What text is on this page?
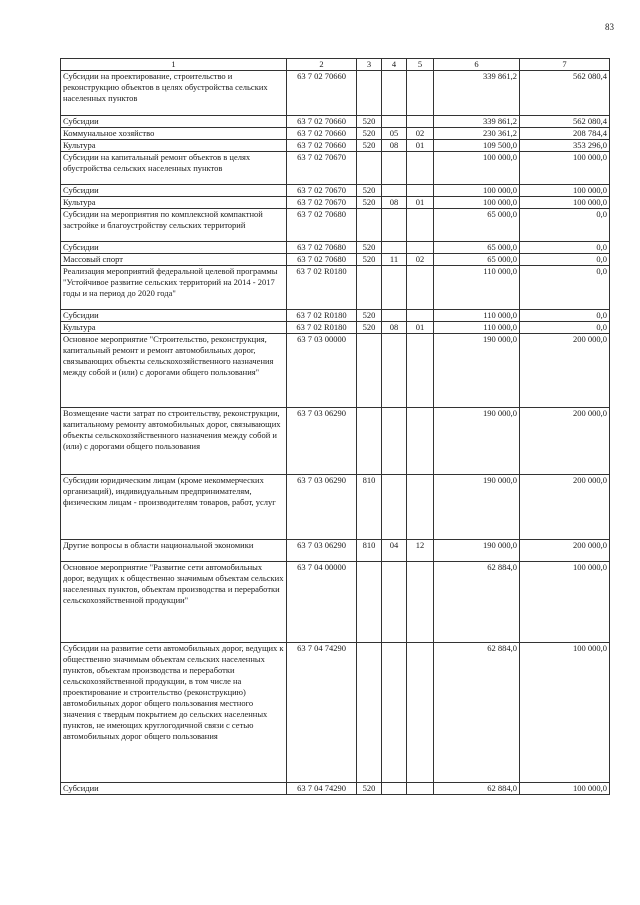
83
1	2	3	4	5	6	7
Субсидии на проектирование, строительство и реконструкцию объектов в целях обустройства сельских населенных пунктов	63 7 02 70660				339 861,2	562 080,4
Субсидии	63 7 02 70660	520			339 861,2	562 080,4
Коммунальное хозяйство	63 7 02 70660	520	05	02	230 361,2	208 784,4
Культура	63 7 02 70660	520	08	01	109 500,0	353 296,0
Субсидии на капитальный ремонт объектов в целях обустройства сельских населенных пунктов	63 7 02 70670				100 000,0	100 000,0
Субсидии	63 7 02 70670	520			100 000,0	100 000,0
Культура	63 7 02 70670	520	08	01	100 000,0	100 000,0
Субсидии на мероприятия по комплексной компактной застройке и благоустройству сельских территорий	63 7 02 70680				65 000,0	0,0
Субсидии	63 7 02 70680	520			65 000,0	0,0
Массовый спорт	63 7 02 70680	520	11	02	65 000,0	0,0
Реализация мероприятий федеральной целевой программы "Устойчивое развитие сельских территорий на 2014 - 2017 годы и на период до 2020 года"	63 7 02 R0180				110 000,0	0,0
Субсидии	63 7 02 R0180	520			110 000,0	0,0
Культура	63 7 02 R0180	520	08	01	110 000,0	0,0
Основное мероприятие "Строительство, реконструкция, капитальный ремонт и ремонт автомобильных дорог, связывающих объекты сельскохозяйственного назначения между собой и (или) с дорогами общего пользования"	63 7 03 00000				190 000,0	200 000,0
Возмещение части затрат по строительству, реконструкции, капитальному ремонту автомобильных дорог, связывающих объекты сельскохозяйственного назначения между собой и (или) с дорогами общего пользования	63 7 03 06290				190 000,0	200 000,0
Субсидии юридическим лицам (кроме некоммерческих организаций), индивидуальным предпринимателям, физическим лицам - производителям товаров, работ, услуг	63 7 03 06290	810			190 000,0	200 000,0
Другие вопросы в области национальной экономики	63 7 03 06290	810	04	12	190 000,0	200 000,0
Основное мероприятие "Развитие сети автомобильных дорог, ведущих к общественно значимым объектам сельских населенных пунктов, объектам производства и переработки сельскохозяйственной продукции"	63 7 04 00000				62 884,0	100 000,0
Субсидии на развитие сети автомобильных дорог, ведущих к общественно значимым объектам сельских населенных пунктов, объектам производства и переработки сельскохозяйственной продукции, в том числе на проектирование и строительство (реконструкцию) автомобильных дорог общего пользования местного значения с твердым покрытием до сельских населенных пунктов, не имеющих круглогодичной связи с сетью автомобильных дорог общего пользования	63 7 04 74290				62 884,0	100 000,0
Субсидии	63 7 04 74290	520			62 884,0	100 000,0
